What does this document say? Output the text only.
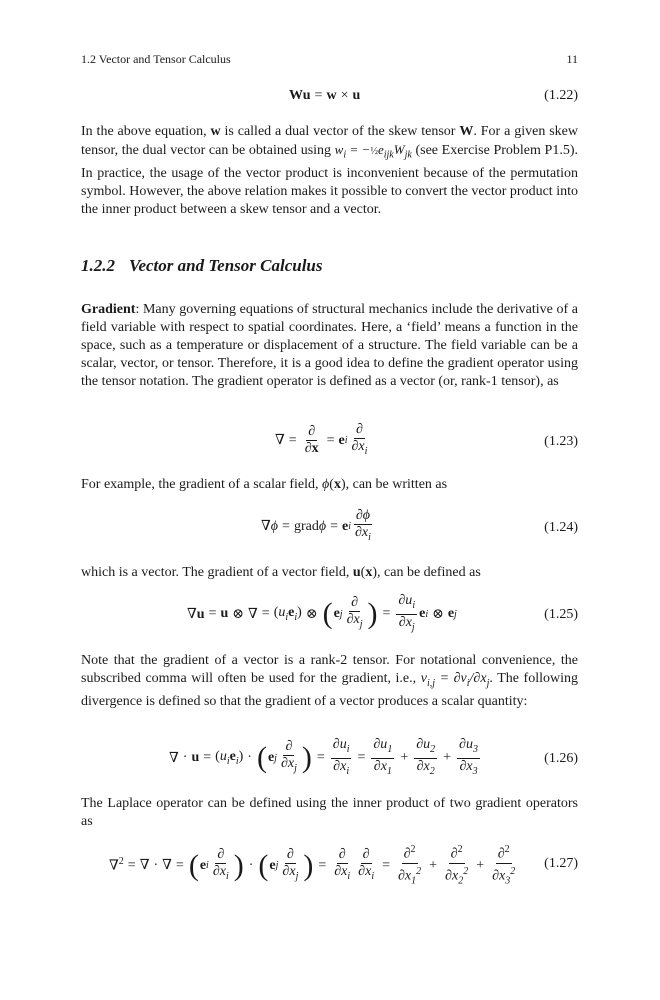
1.2 Vector and Tensor Calculus	11
Wu = w × u	(1.22)
In the above equation, w is called a dual vector of the skew tensor W. For a given skew tensor, the dual vector can be obtained using $w_i$ = $-\frac{1}{2}e_{ijk}W_{jk}$ (see Exercise Problem P1.5). In practice, the usage of the vector product is inconvenient because of the permutation symbol. However, the above relation makes it possible to convert the vector product into the inner product between a skew tensor and a vector.
1.2.2 Vector and Tensor Calculus
Gradient: Many governing equations of structural mechanics include the derivative of a field variable with respect to spatial coordinates. Here, a ‘field’ means a function in the space, such as a temperature or displacement of a structure. The field variable can be a scalar, vector, or tensor. Therefore, it is a good idea to define the gradient operator using the tensor notation. The gradient operator is defined as a vector (or, rank-1 tensor), as
∇ = $\frac{\partial}{\partial x} = e$ i $\frac{\partial}{\partial x_i}$	(1.23)
For example, the gradient of a scalar field, ϕ(x), can be written as
∇ϕ = gradϕ = e i $\frac{\partial\phi}{\partial x_i}$	(1.24)
which is a vector. The gradient of a vector field, u(x), can be defined as
∇u = u ⊗ ∇ = $(u_ie_i)$ ⊗ ( e j $\frac{\partial}{\partial x_j}$ ) = $\frac{\partial u_i}{\partial x_j}$ e i ⊗ e j	(1.25)
Note that the gradient of a vector is a rank-2 tensor. For notational convenience, the subscribed comma will often be used for the gradient, i.e., $v_{i,j} = \partial v_i/\partial x_j$. The following divergence is defined so that the gradient of a vector produces a scalar quantity:
∇ · $u = (u_ie_i)$ · ( e j $\frac{\partial}{\partial x_j}$ ) = $\frac{\partial u_i}{\partial x_i} = \frac{\partial u_1}{\partial x_1} + \frac{\partial u_2}{\partial x_2} + \frac{\partial u_3}{\partial x_3}$	(1.26)
The Laplace operator can be defined using the inner product of two gradient operators as
∇$^2$ = ∇ · ∇ = ( e i $\frac{\partial}{\partial x_i}$ ) · ( e j $\frac{\partial}{\partial x_j}$ ) = $\frac{\partial}{\partial x_i} \frac{\partial}{\partial x_i} = \frac{\partial^2}{\partial x_1^2} + \frac{\partial^2}{\partial x_2^2} + \frac{\partial^2}{\partial x_3^2} (1.27)$
